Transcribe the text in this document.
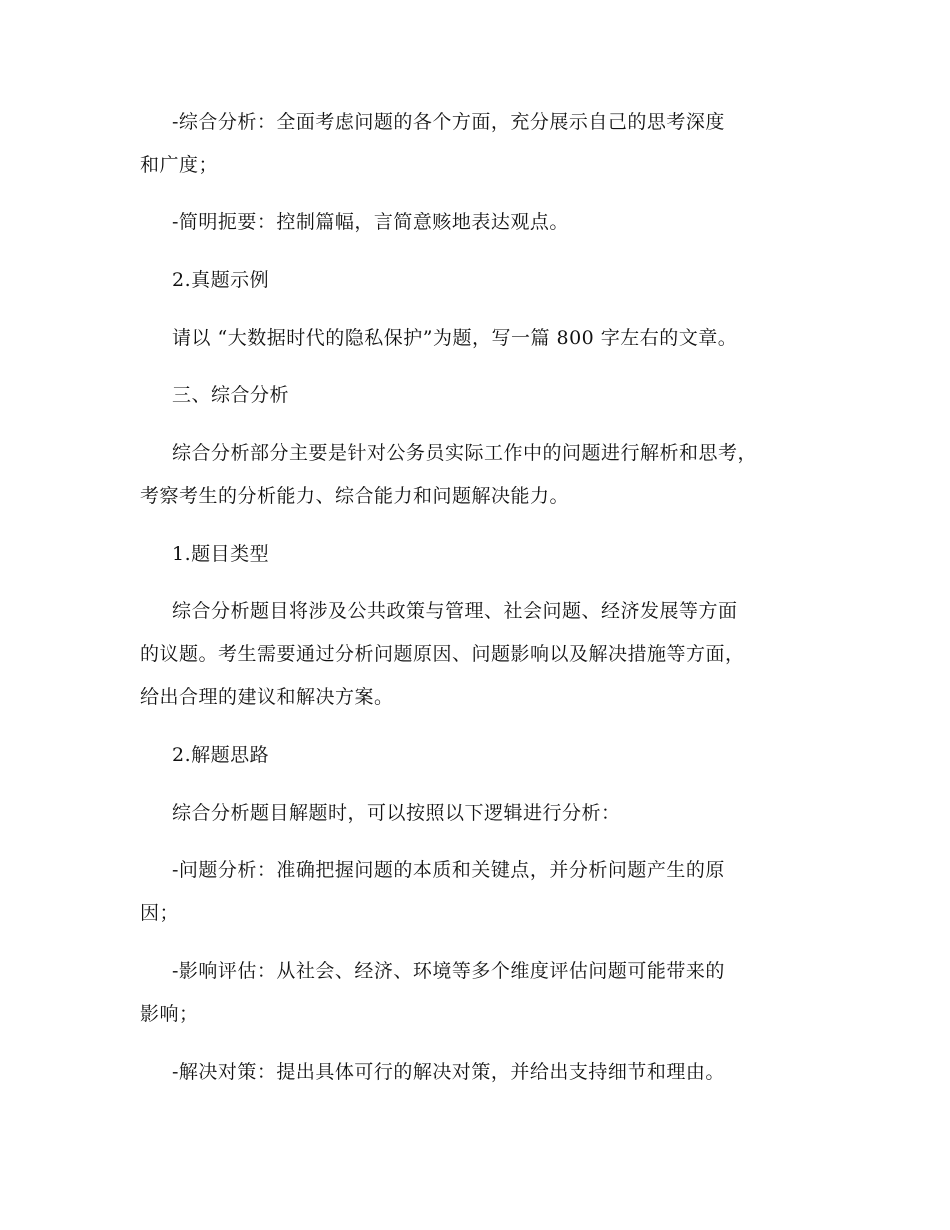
-综合分析：全面考虑问题的各个方面，充分展示自己的思考深度
和广度；
-简明扼要：控制篇幅，言简意赅地表达观点。
2.真题示例
请以 “大数据时代的隐私保护”为题，写一篇 800 字左右的文章。
三、综合分析
综合分析部分主要是针对公务员实际工作中的问题进行解析和思考，
考察考生的分析能力、综合能力和问题解决能力。
1.题目类型
综合分析题目将涉及公共政策与管理、社会问题、经济发展等方面
的议题。考生需要通过分析问题原因、问题影响以及解决措施等方面，
给出合理的建议和解决方案。
2.解题思路
综合分析题目解题时，可以按照以下逻辑进行分析：
-问题分析：准确把握问题的本质和关键点，并分析问题产生的原
因；
-影响评估：从社会、经济、环境等多个维度评估问题可能带来的
影响；
-解决对策：提出具体可行的解决对策，并给出支持细节和理由。
